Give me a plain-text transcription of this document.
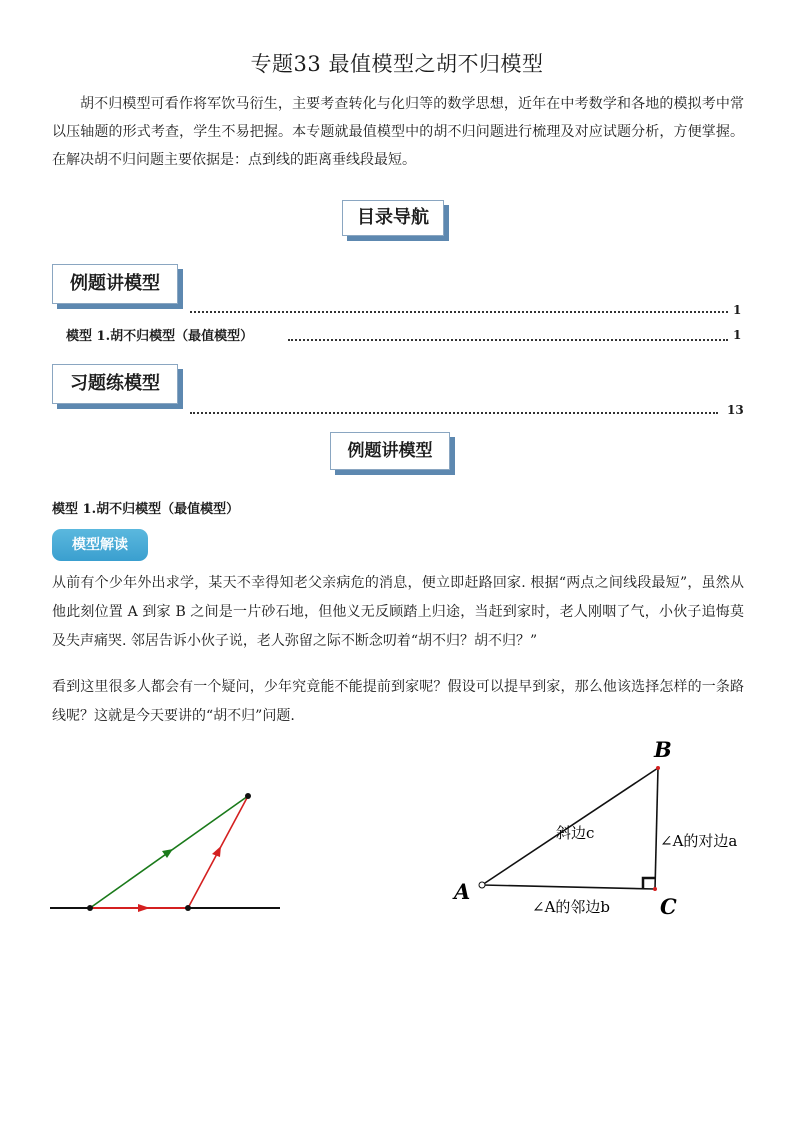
专题33 最值模型之胡不归模型
胡不归模型可看作将军饮马衍生，主要考查转化与化归等的数学思想，近年在中考数学和各地的模拟考中常以压轴题的形式考查，学生不易把握。本专题就最值模型中的胡不归问题进行梳理及对应试题分析，方便掌握。在解决胡不归问题主要依据是：点到线的距离垂线段最短。
目录导航
例题讲模型
1
模型 1.胡不归模型（最值模型）	1
习题练模型
13
例题讲模型
模型 1.胡不归模型（最值模型）
模型解读
从前有个少年外出求学，某天不幸得知老父亲病危的消息，便立即赶路回家. 根据“两点之间线段最短”，虽然从他此刻位置 A 到家 B 之间是一片砂石地，但他义无反顾踏上归途，当赶到家时，老人刚咽了气，小伙子追悔莫及失声痛哭. 邻居告诉小伙子说，老人弥留之际不断念叨着“胡不归？胡不归？”
看到这里很多人都会有一个疑问，少年究竟能不能提前到家呢？假设可以提早到家，那么他该选择怎样的一条路线呢？这就是今天要讲的“胡不归”问题.
A
B
C
斜边c	∠A的对边a
∠A的邻边b
